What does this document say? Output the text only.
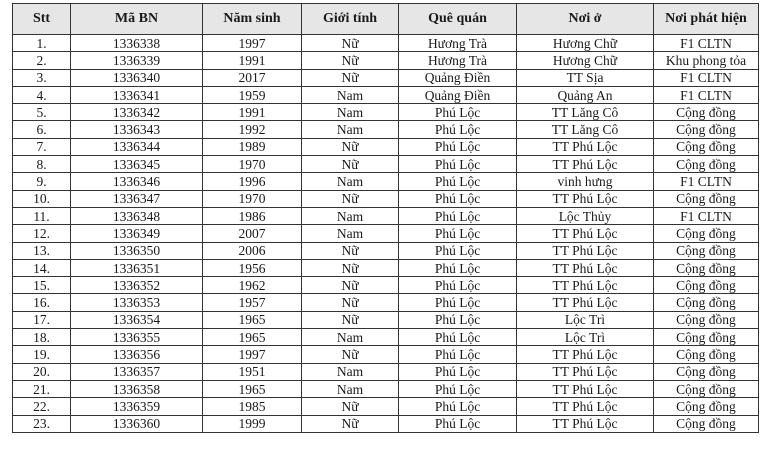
Stt	Mã BN	Năm sinh	Giới tính	Quê quán	Nơi ở	Nơi phát hiện
1.	1336338	1997	Nữ	Hương Trà	Hương Chữ	F1 CLTN
2.	1336339	1991	Nữ	Hương Trà	Hương Chữ	Khu phong tỏa
3.	1336340	2017	Nữ	Quảng Điền	TT Sịa	F1 CLTN
4.	1336341	1959	Nam	Quảng Điền	Quảng An	F1 CLTN
5.	1336342	1991	Nam	Phú Lộc	TT Lăng Cô	Cộng đồng
6.	1336343	1992	Nam	Phú Lộc	TT Lăng Cô	Cộng đồng
7.	1336344	1989	Nữ	Phú Lộc	TT Phú Lộc	Cộng đồng
8.	1336345	1970	Nữ	Phú Lộc	TT Phú Lộc	Cộng đồng
9.	1336346	1996	Nam	Phú Lộc	vinh hưng	F1 CLTN
10.	1336347	1970	Nữ	Phú Lộc	TT Phú Lộc	Cộng đồng
11.	1336348	1986	Nam	Phú Lộc	Lộc Thủy	F1 CLTN
12.	1336349	2007	Nam	Phú Lộc	TT Phú Lộc	Cộng đồng
13.	1336350	2006	Nữ	Phú Lộc	TT Phú Lộc	Cộng đồng
14.	1336351	1956	Nữ	Phú Lộc	TT Phú Lộc	Cộng đồng
15.	1336352	1962	Nữ	Phú Lộc	TT Phú Lộc	Cộng đồng
16.	1336353	1957	Nữ	Phú Lộc	TT Phú Lộc	Cộng đồng
17.	1336354	1965	Nữ	Phú Lộc	Lộc Trì	Cộng đồng
18.	1336355	1965	Nam	Phú Lộc	Lộc Trì	Cộng đồng
19.	1336356	1997	Nữ	Phú Lộc	TT Phú Lộc	Cộng đồng
20.	1336357	1951	Nam	Phú Lộc	TT Phú Lộc	Cộng đồng
21.	1336358	1965	Nam	Phú Lộc	TT Phú Lộc	Cộng đồng
22.	1336359	1985	Nữ	Phú Lộc	TT Phú Lộc	Cộng đồng
23.	1336360	1999	Nữ	Phú Lộc	TT Phú Lộc	Cộng đồng
